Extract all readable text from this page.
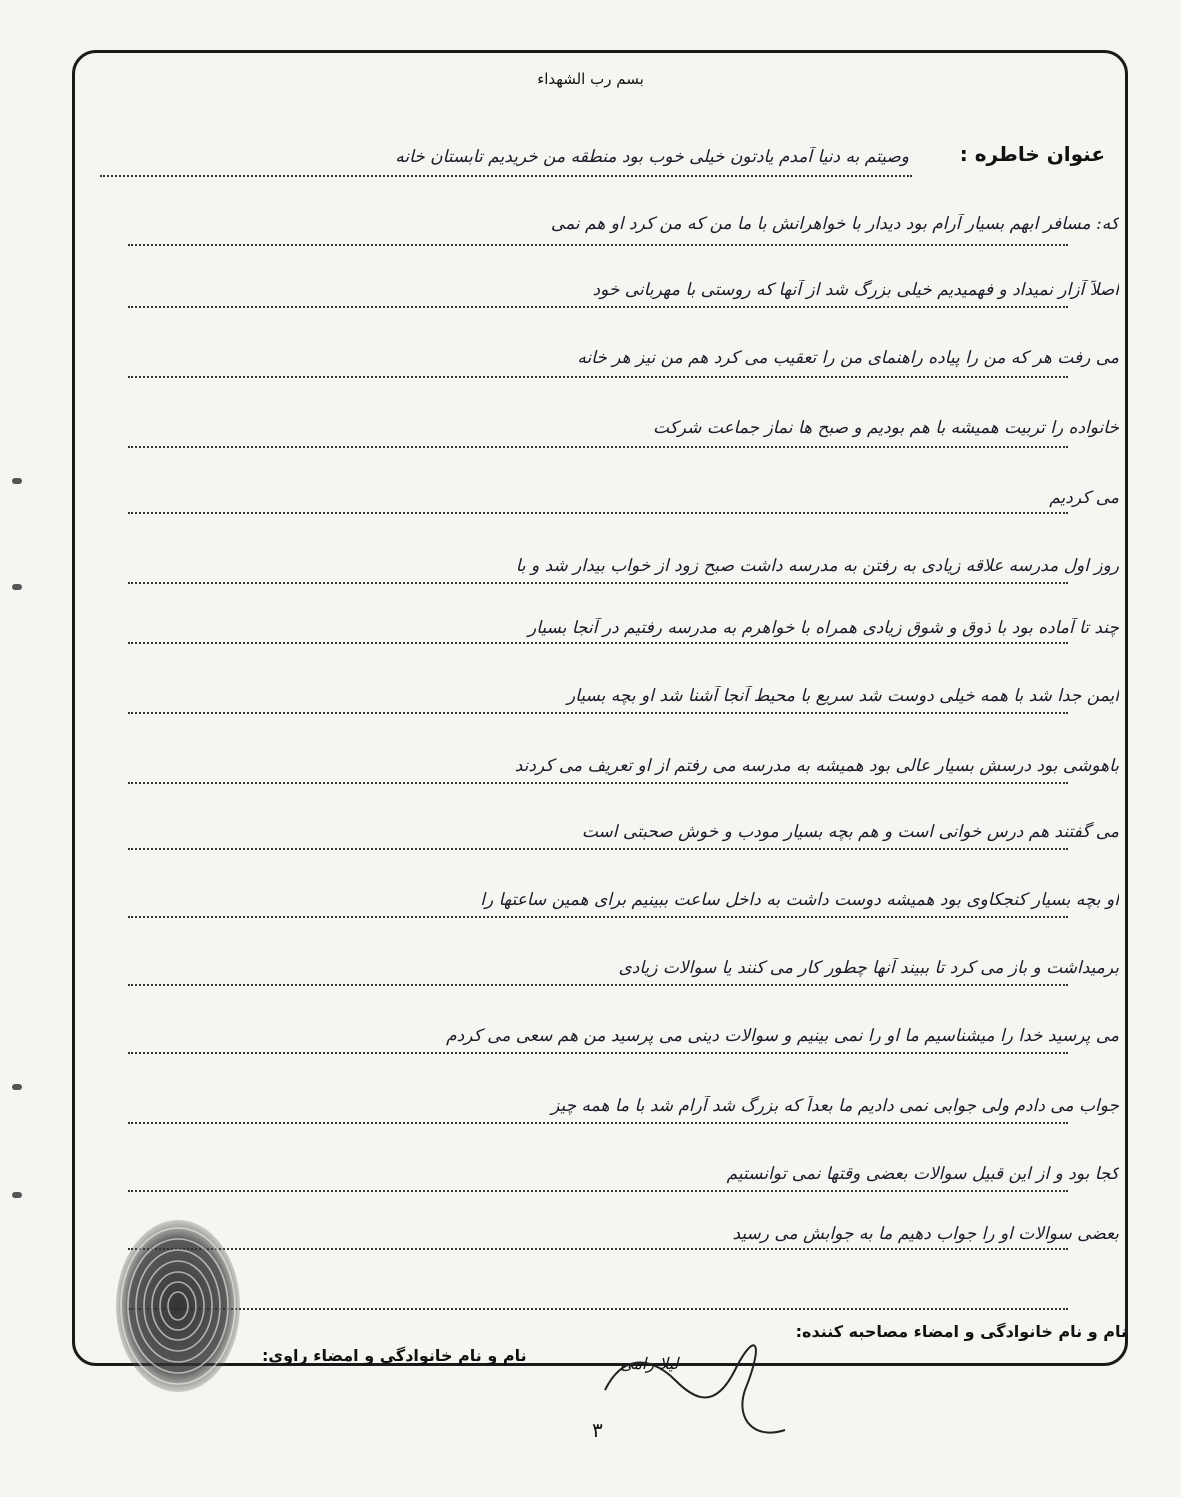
بسم رب الشهداء
عنوان خاطره :
وصیتم به دنیا آمدم یادتون خیلی خوب بود منطقه من خریدیم تابستان خانه
که: مسافر ابهم بسیار آرام بود دیدار با خواهرانش با ما من که من کرد او هم نمی
اصلاً آزار نمیداد و فهمیدیم خیلی بزرگ شد از آنها که روستی با مهربانی خود
می رفت هر که من را پیاده راهنمای من را تعقیب می کرد هم من نیز هر خانه
خانواده را تربیت همیشه با هم بودیم و صبح ها نماز جماعت شرکت
می کردیم
روز اول مدرسه علاقه زیادی به رفتن به مدرسه داشت صبح زود از خواب بیدار شد و با
چند تا آماده بود با ذوق و شوق زیادی همراه با خواهرم به مدرسه رفتیم در آنجا بسیار
ایمن جدا شد با همه خیلی دوست شد سریع با محیط آنجا آشنا شد او بچه بسیار
باهوشی بود درسش بسیار عالی بود همیشه به مدرسه می رفتم از او تعریف می کردند
می گفتند هم درس خوانی است و هم بچه بسیار مودب و خوش صحبتی است
او بچه بسیار کنجکاوی بود همیشه دوست داشت به داخل ساعت ببینیم برای همین ساعتها را
برمیداشت و باز می کرد تا ببیند آنها چطور کار می کنند یا سوالات زیادی
می پرسید خدا را میشناسیم ما او را نمی بینیم و سوالات دینی می پرسید من هم سعی می کردم
جواب می دادم ولی جوابی نمی دادیم ما بعداً که بزرگ شد آرام شد با ما همه چیز
کجا بود و از این قبیل سوالات بعضی وقتها نمی توانستیم
بعضی سوالات او را جواب دهیم ما به جوابش می رسید
نام و نام خانوادگی و امضاء مصاحبه کننده:
نام و نام خانوادگی و امضاء راوی:	لیلا رامی
۳
